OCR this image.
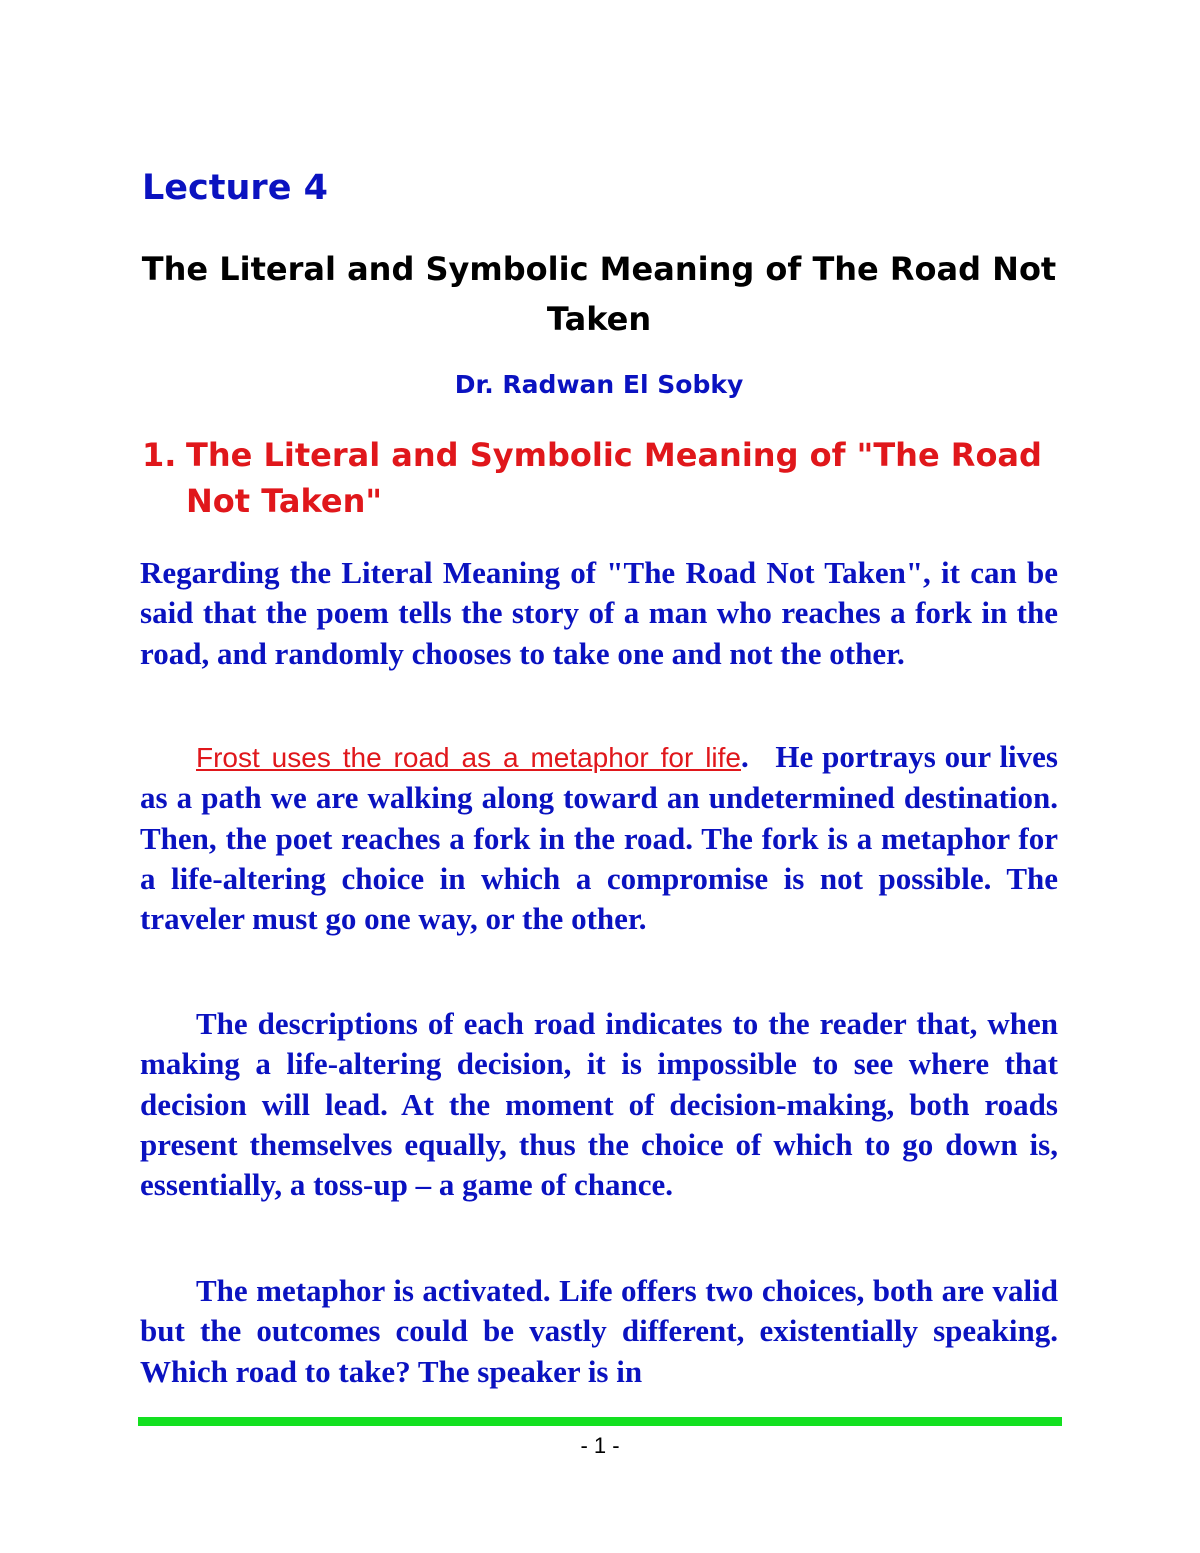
Lecture 4
The Literal and Symbolic Meaning of The Road Not Taken
Dr. Radwan El Sobky
1. The Literal and Symbolic Meaning of "The Road Not Taken"

Regarding the Literal Meaning of "The Road Not Taken", it can be said that the poem tells the story of a man who reaches a fork in the road, and randomly chooses to take one and not the other.

Frost uses the road as a metaphor for life. He portrays our lives as a path we are walking along toward an undetermined destination. Then, the poet reaches a fork in the road. The fork is a metaphor for a life-altering choice in which a compromise is not possible. The traveler must go one way, or the other.

The descriptions of each road indicates to the reader that, when making a life-altering decision, it is impossible to see where that decision will lead. At the moment of decision-making, both roads present themselves equally, thus the choice of which to go down is, essentially, a toss-up – a game of chance.

The metaphor is activated. Life offers two choices, both are valid but the outcomes could be vastly different, existentially speaking. Which road to take? The speaker is in

- 1 -
